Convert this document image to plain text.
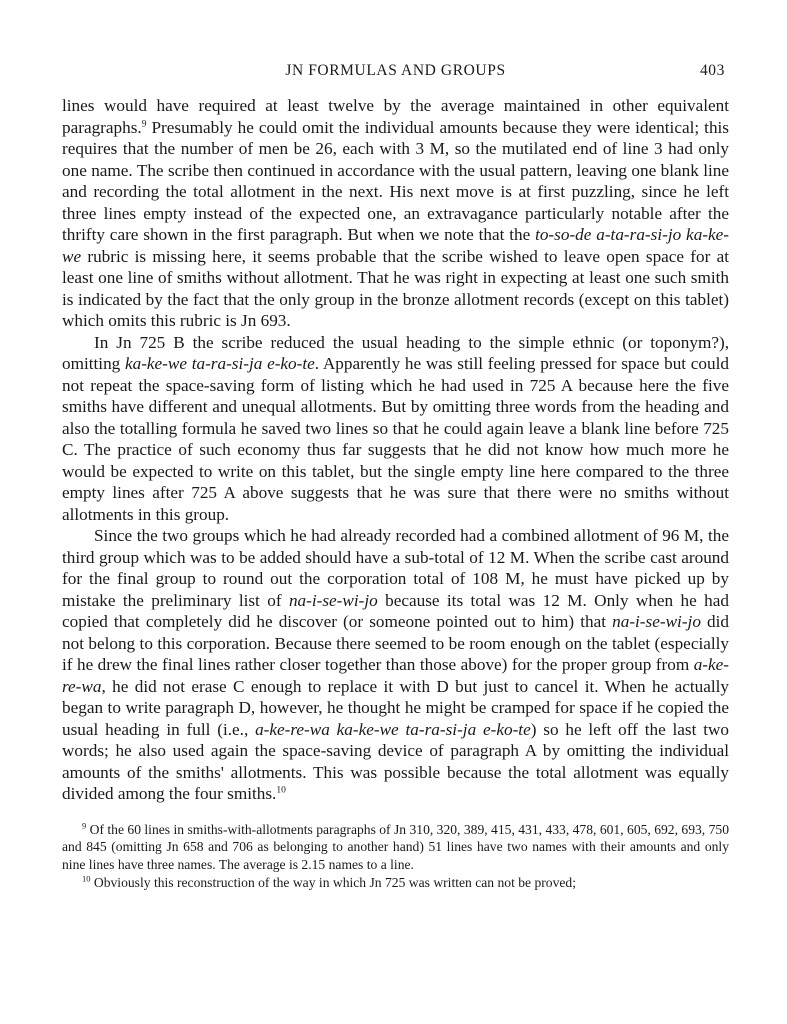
JN FORMULAS AND GROUPS	403

lines would have required at least twelve by the average maintained in other equivalent paragraphs.$^9$ Presumably he could omit the individual amounts because they were identical; this requires that the number of men be 26, each with 3 M, so the mutilated end of line 3 had only one name. The scribe then continued in accordance with the usual pattern, leaving one blank line and recording the total allotment in the next. His next move is at first puzzling, since he left three lines empty instead of the expected one, an extravagance particularly notable after the thrifty care shown in the first paragraph. But when we note that the to-so-de a-ta-ra-si-jo ka-ke-we rubric is missing here, it seems probable that the scribe wished to leave open space for at least one line of smiths without allotment. That he was right in expecting at least one such smith is indicated by the fact that the only group in the bronze allotment records (except on this tablet) which omits this rubric is Jn 693.

In Jn 725 B the scribe reduced the usual heading to the simple ethnic (or toponym?), omitting ka-ke-we ta-ra-si-ja e-ko-te. Apparently he was still feeling pressed for space but could not repeat the space-saving form of listing which he had used in 725 A because here the five smiths have different and unequal allotments. But by omitting three words from the heading and also the totalling formula he saved two lines so that he could again leave a blank line before 725 C. The practice of such economy thus far suggests that he did not know how much more he would be expected to write on this tablet, but the single empty line here compared to the three empty lines after 725 A above suggests that he was sure that there were no smiths without allotments in this group.

Since the two groups which he had already recorded had a combined allotment of 96 M, the third group which was to be added should have a sub-total of 12 M. When the scribe cast around for the final group to round out the corporation total of 108 M, he must have picked up by mistake the preliminary list of na-i-se-wi-jo because its total was 12 M. Only when he had copied that completely did he discover (or someone pointed out to him) that na-i-se-wi-jo did not belong to this corporation. Because there seemed to be room enough on the tablet (especially if he drew the final lines rather closer together than those above) for the proper group from a-ke-re-wa, he did not erase C enough to replace it with D but just to cancel it. When he actually began to write paragraph D, however, he thought he might be cramped for space if he copied the usual heading in full (i.e., a-ke-re-wa ka-ke-we ta-ra-si-ja e-ko-te) so he left off the last two words; he also used again the space-saving device of paragraph A by omitting the individual amounts of the smiths' allotments. This was possible because the total allotment was equally divided among the four smiths.$^{10}$

$^9$ Of the 60 lines in smiths-with-allotments paragraphs of Jn 310, 320, 389, 415, 431, 433, 478, 601, 605, 692, 693, 750 and 845 (omitting Jn 658 and 706 as belonging to another hand) 51 lines have two names with their amounts and only nine lines have three names. The average is 2.15 names to a line.

$^{10}$ Obviously this reconstruction of the way in which Jn 725 was written can not be proved;
